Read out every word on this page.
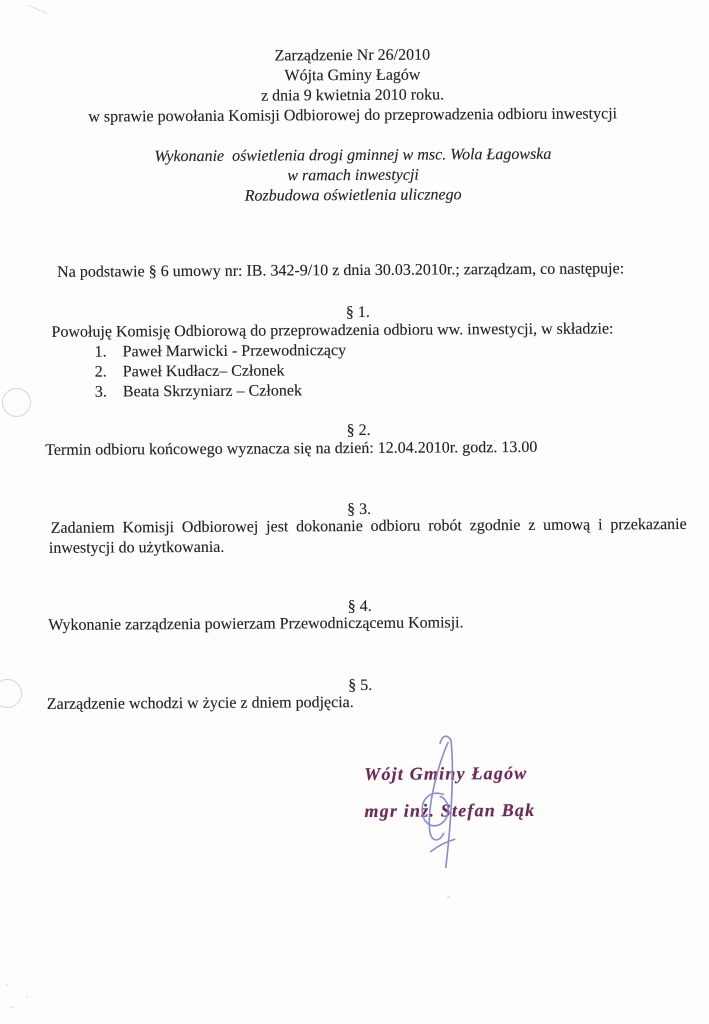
Zarządzenie Nr 26/2010
Wójta Gminy Łagów
z dnia 9 kwietnia 2010 roku.
w sprawie powołania Komisji Odbiorowej do przeprowadzenia odbioru inwestycji
Wykonanie  oświetlenia drogi gminnej w msc. Wola Łagowska
w ramach inwestycji
Rozbudowa oświetlenia ulicznego
Na podstawie § 6 umowy nr: IB. 342-9/10 z dnia 30.03.2010r.; zarządzam, co następuje:
§ 1.
Powołuję Komisję Odbiorową do przeprowadzenia odbioru ww. inwestycji, w składzie:
1. Paweł Marwicki - Przewodniczący
2. Paweł Kudłacz– Członek
3. Beata Skrzyniarz – Członek
§ 2.
Termin odbioru końcowego wyznacza się na dzień: 12.04.2010r. godz. 13.00
§ 3.
Zadaniem Komisji Odbiorowej jest dokonanie odbioru robót zgodnie z umową i przekazanie
inwestycji do użytkowania.
§ 4.
Wykonanie zarządzenia powierzam Przewodniczącemu Komisji.
§ 5.
Zarządzenie wchodzi w życie z dniem podjęcia.
Wójt Gminy Łagów
mgr inż. Stefan Bąk
